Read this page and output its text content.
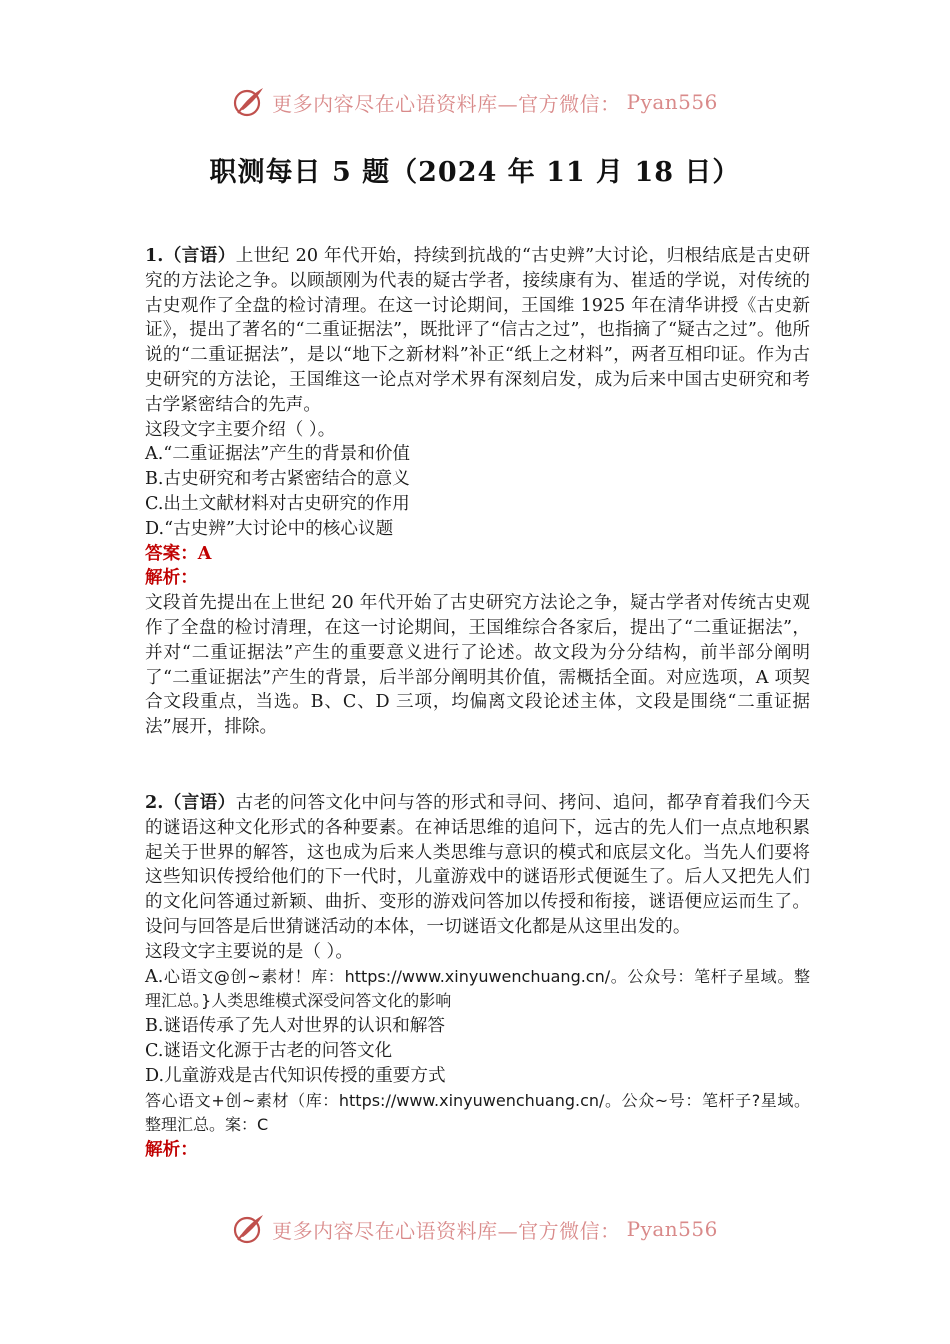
更多内容尽在心语资料库—官方微信： Pyan556
职测每日 5 题（2024 年 11 月 18 日）

1.（言语）上世纪 20 年代开始，持续到抗战的“古史辨”大讨论，归根结底是古史研究的方法论之争。以顾颉刚为代表的疑古学者，接续康有为、崔适的学说，对传统的古史观作了全盘的检讨清理。在这一讨论期间，王国维 1925 年在清华讲授《古史新证》，提出了著名的“二重证据法”，既批评了“信古之过”，也指摘了“疑古之过”。他所说的“二重证据法”，是以“地下之新材料”补正“纸上之材料”，两者互相印证。作为古史研究的方法论，王国维这一论点对学术界有深刻启发，成为后来中国古史研究和考古学紧密结合的先声。

这段文字主要介绍（ ）。

A.“二重证据法”产生的背景和价值

B.古史研究和考古紧密结合的意义

C.出土文献材料对古史研究的作用

D.“古史辨”大讨论中的核心议题

答案：A

解析：

文段首先提出在上世纪 20 年代开始了古史研究方法论之争，疑古学者对传统古史观作了全盘的检讨清理，在这一讨论期间，王国维综合各家后，提出了“二重证据法”，并对“二重证据法”产生的重要意义进行了论述。故文段为分分结构，前半部分阐明了“二重证据法”产生的背景，后半部分阐明其价值，需概括全面。对应选项，A 项契合文段重点，当选。B、C、D 三项，均偏离文段论述主体，文段是围绕“二重证据法”展开，排除。

2.（言语）古老的问答文化中问与答的形式和寻问、拷问、追问，都孕育着我们今天的谜语这种文化形式的各种要素。在神话思维的追问下，远古的先人们一点点地积累起关于世界的解答，这也成为后来人类思维与意识的模式和底层文化。当先人们要将这些知识传授给他们的下一代时，儿童游戏中的谜语形式便诞生了。后人又把先人们的文化问答通过新颖、曲折、变形的游戏问答加以传授和衔接，谜语便应运而生了。设问与回答是后世猜谜活动的本体，一切谜语文化都是从这里出发的。

这段文字主要说的是（ ）。

A.心语文@创~素材！库：https://www.xinyuwenchuang.cn/。公众号：笔杆子星域。整理汇总。}人类思维模式深受问答文化的影响

B.谜语传承了先人对世界的认识和解答

C.谜语文化源于古老的问答文化

D.儿童游戏是古代知识传授的重要方式

答心语文+创~素材（库：https://www.xinyuwenchuang.cn/。公众~号：笔杆子?星域。整理汇总。案：C

解析：

更多内容尽在心语资料库—官方微信： Pyan556
